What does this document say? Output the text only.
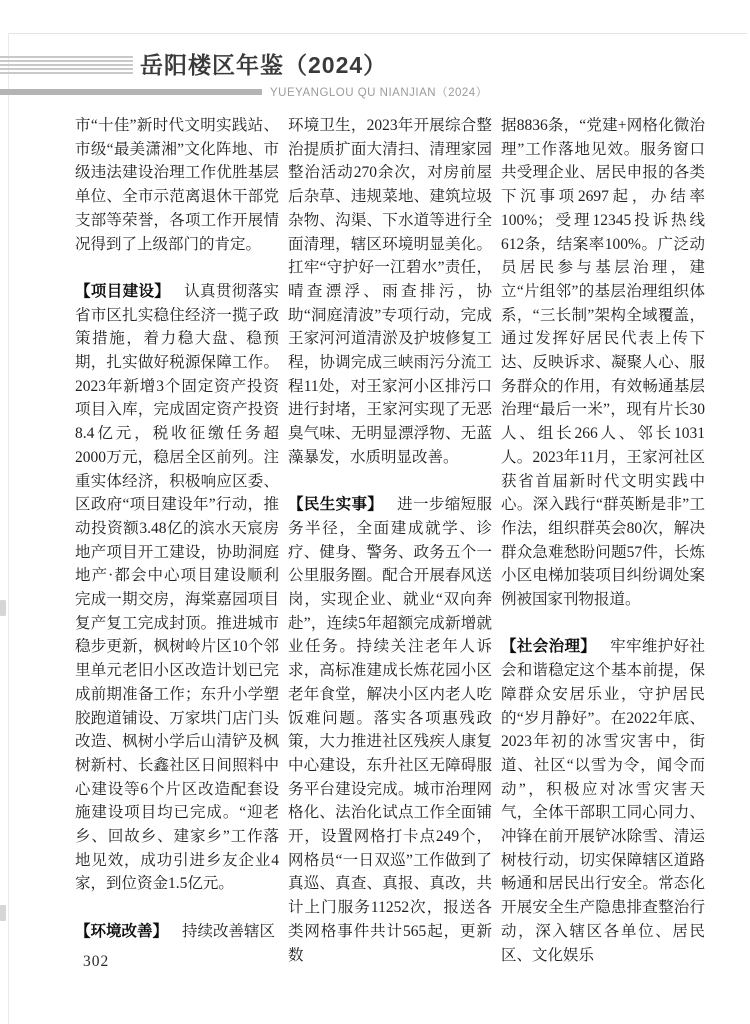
岳阳楼区年鉴（2024）
YUEYANGLOU QU NIANJIAN（2024）

市“十佳”新时代文明实践站、市级“最美潇湘”文化阵地、市级违法建设治理工作优胜基层单位、全市示范离退休干部党支部等荣誉，各项工作开展情况得到了上级部门的肯定。

【项目建设】 认真贯彻落实省市区扎实稳住经济一揽子政策措施，着力稳大盘、稳预期，扎实做好税源保障工作。2023年新增3个固定资产投资项目入库，完成固定资产投资8.4亿元，税收征缴任务超2000万元，稳居全区前列。注重实体经济，积极响应区委、区政府“项目建设年”行动，推动投资额3.48亿的滨水天宸房地产项目开工建设，协助洞庭地产·都会中心项目建设顺利完成一期交房，海棠嘉园项目复产复工完成封顶。推进城市稳步更新，枫树岭片区10个邻里单元老旧小区改造计划已完成前期准备工作；东升小学塑胶跑道铺设、万家垬门店门头改造、枫树小学后山清铲及枫树新村、长鑫社区日间照料中心建设等6个片区改造配套设施建设项目均已完成。“迎老乡、回故乡、建家乡”工作落地见效，成功引进乡友企业4家，到位资金1.5亿元。

【环境改善】 持续改善辖区

环境卫生，2023年开展综合整治提质扩面大清扫、清理家园整治活动270余次，对房前屋后杂草、违规菜地、建筑垃圾杂物、沟渠、下水道等进行全面清理，辖区环境明显美化。扛牢“守护好一江碧水”责任，晴查漂浮、雨查排污，协助“洞庭清波”专项行动，完成王家河河道清淤及护坡修复工程，协调完成三峡雨污分流工程11处，对王家河小区排污口进行封堵，王家河实现了无恶臭气味、无明显漂浮物、无蓝藻暴发，水质明显改善。

【民生实事】 进一步缩短服务半径，全面建成就学、诊疗、健身、警务、政务五个一公里服务圈。配合开展春风送岗，实现企业、就业“双向奔赴”，连续5年超额完成新增就业任务。持续关注老年人诉求，高标准建成长炼花园小区老年食堂，解决小区内老人吃饭难问题。落实各项惠残政策，大力推进社区残疾人康复中心建设，东升社区无障碍服务平台建设完成。城市治理网格化、法治化试点工作全面铺开，设置网格打卡点249个，网格员“一日双巡”工作做到了真巡、真查、真报、真改，共计上门服务11252次，报送各类网格事件共计565起，更新数

据8836条，“党建+网格化微治理”工作落地见效。服务窗口共受理企业、居民申报的各类下沉事项2697起，办结率100%；受理12345投诉热线612条，结案率100%。广泛动员居民参与基层治理，建立“片组邻”的基层治理组织体系，“三长制”架构全域覆盖，通过发挥好居民代表上传下达、反映诉求、凝聚人心、服务群众的作用，有效畅通基层治理“最后一米”，现有片长30人、组长266人、邻长1031人。2023年11月，王家河社区获省首届新时代文明实践中心。深入践行“群英断是非”工作法，组织群英会80次，解决群众急难愁盼问题57件，长炼小区电梯加装项目纠纷调处案例被国家刊物报道。

【社会治理】 牢牢维护好社会和谐稳定这个基本前提，保障群众安居乐业，守护居民的“岁月静好”。在2022年底、2023年初的冰雪灾害中，街道、社区“以雪为令，闻令而动”，积极应对冰雪灾害天气，全体干部职工同心同力、冲锋在前开展铲冰除雪、清运树枝行动，切实保障辖区道路畅通和居民出行安全。常态化开展安全生产隐患排查整治行动，深入辖区各单位、居民区、文化娱乐

302
